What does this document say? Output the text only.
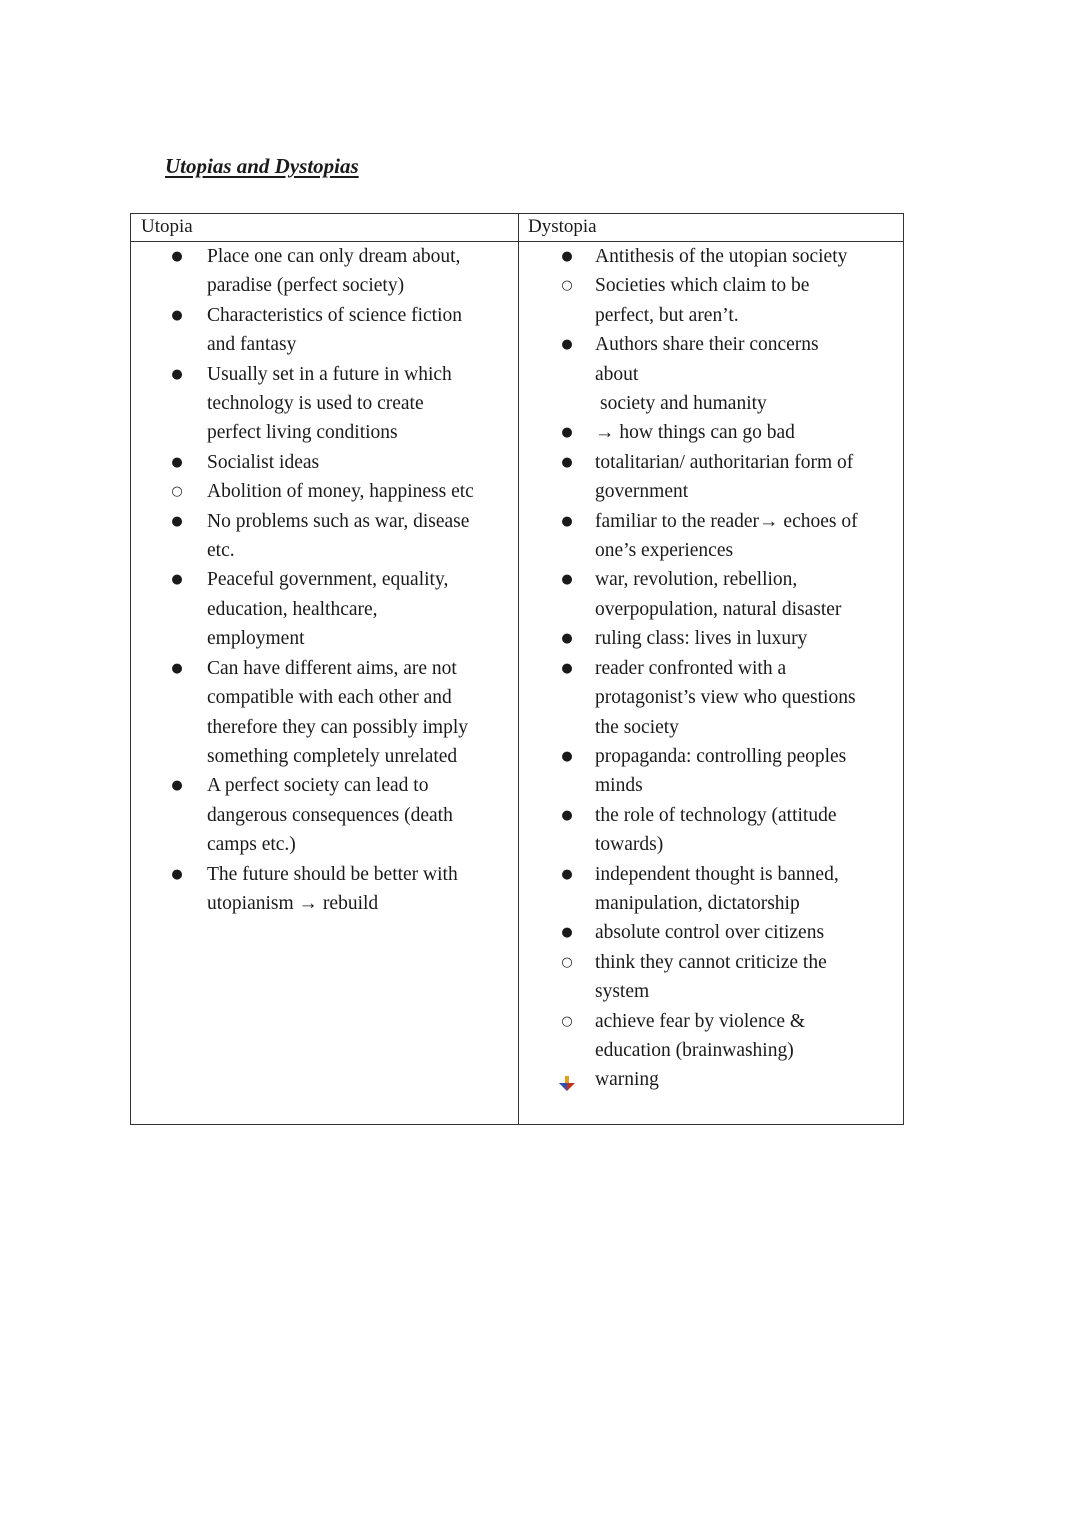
Utopias and Dystopias
Utopia
● Place one can only dream about,
paradise (perfect society)
● Characteristics of science fiction
and fantasy
● Usually set in a future in which
technology is used to create
perfect living conditions
● Socialist ideas
○ Abolition of money, happiness etc
● No problems such as war, disease
etc.
● Peaceful government, equality,
education, healthcare,
employment
● Can have different aims, are not
compatible with each other and
therefore they can possibly imply
something completely unrelated
● A perfect society can lead to
dangerous consequences (death
camps etc.)
● The future should be better with
utopianism → rebuild
Dystopia
● Antithesis of the utopian society
○ Societies which claim to be
perfect, but aren’t.
● Authors share their concerns
about
society and humanity
● → how things can go bad
● totalitarian/ authoritarian form of
government
● familiar to the reader→ echoes of
one’s experiences
● war, revolution, rebellion,
overpopulation, natural disaster
● ruling class: lives in luxury
● reader confronted with a
protagonist’s view who questions
the society
● propaganda: controlling peoples
minds
● the role of technology (attitude
towards)
● independent thought is banned,
manipulation, dictatorship
● absolute control over citizens
○ think they cannot criticize the
system
○ achieve fear by violence &
education (brainwashing)
warning
